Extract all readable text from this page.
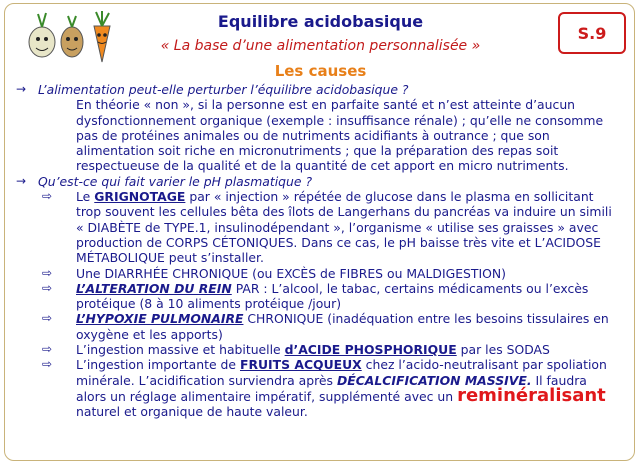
Equilibre acidobasique
« La base d’une alimentation personnalisée »
Les causes
S.9
→ L’alimentation peut-elle perturber l’équilibre acidobasique ?
En théorie « non », si la personne est en parfaite santé et n’est atteinte d’aucun dysfonctionnement organique (exemple : insuffisance rénale) ; qu’elle ne consomme pas de protéines animales ou de nutriments acidifiants à outrance ; que son alimentation soit riche en micronutriments ; que la préparation des repas soit respectueuse de la qualité et de la quantité de cet apport en micro nutriments.
→ Qu’est-ce qui fait varier le pH plasmatique ?
⇨	Le GRIGNOTAGE par « injection » répétée de glucose dans le plasma en sollicitant trop souvent les cellules bêta des îlots de Langerhans du pancréas va induire un simili « DIABÈTE de TYPE.1, insulinodépendant », l’organisme « utilise ses graisses » avec production de CORPS CÉTONIQUES. Dans ce cas, le pH baisse très vite et L’ACIDOSE MÉTABOLIQUE peut s’installer.
⇨	Une DIARRHÉE CHRONIQUE (ou EXCÈS de FIBRES ou MALDIGESTION)
⇨	L’ALTERATION DU REIN PAR : L’alcool, le tabac, certains médicaments ou l’excès protéique (8 à 10 aliments protéique /jour)
⇨	L’HYPOXIE PULMONAIRE CHRONIQUE (inadéquation entre les besoins tissulaires en oxygène et les apports)
⇨	L’ingestion massive et habituelle d’ACIDE PHOSPHORIQUE par les SODAS
⇨	L’ingestion importante de FRUITS ACQUEUX chez l’acido-neutralisant par spoliation minérale. L’acidification surviendra après DÉCALCIFICATION MASSIVE. Il faudra alors un réglage alimentaire impératif, supplémenté avec un reminéralisant naturel et organique de haute valeur.
